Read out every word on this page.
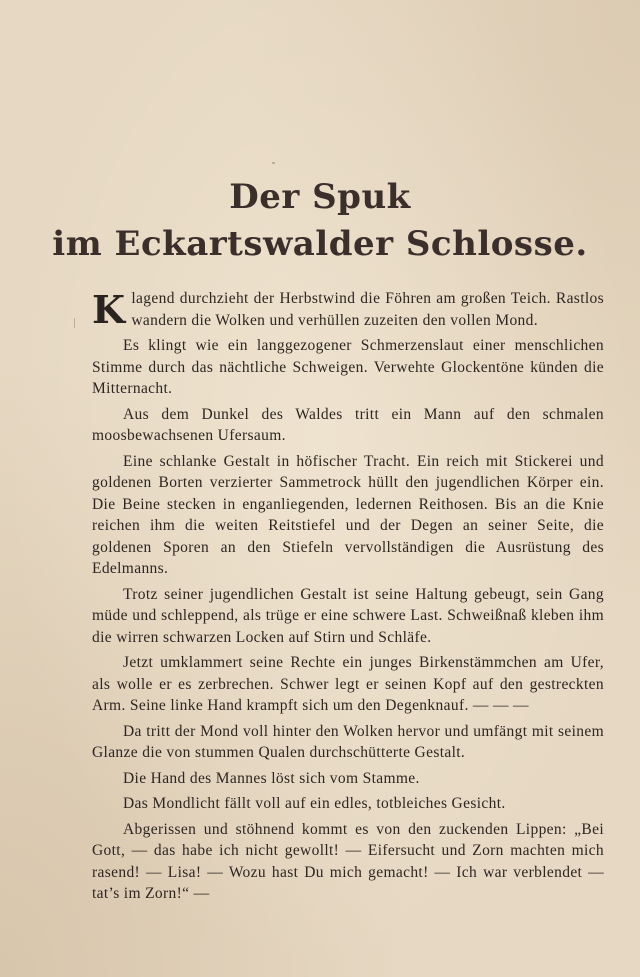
Der Spuk
im Eckartswalder Schlosse.

Klagend durchzieht der Herbstwind die Föhren am großen Teich. Rastlos wandern die Wolken und verhüllen zuzeiten den vollen Mond.

Es klingt wie ein langgezogener Schmerzenslaut einer menschlichen Stimme durch das nächtliche Schweigen. Verwehte Glockentöne künden die Mitternacht.

Aus dem Dunkel des Waldes tritt ein Mann auf den schmalen moosbewachsenen Ufersaum.

Eine schlanke Gestalt in höfischer Tracht. Ein reich mit Stickerei und goldenen Borten verzierter Sammetrock hüllt den jugendlichen Körper ein. Die Beine stecken in enganliegenden, ledernen Reithosen. Bis an die Knie reichen ihm die weiten Reitstiefel und der Degen an seiner Seite, die goldenen Sporen an den Stiefeln vervollständigen die Ausrüstung des Edelmanns.

Trotz seiner jugendlichen Gestalt ist seine Haltung gebeugt, sein Gang müde und schleppend, als trüge er eine schwere Last. Schweißnaß kleben ihm die wirren schwarzen Locken auf Stirn und Schläfe.

Jetzt umklammert seine Rechte ein junges Birkenstämmchen am Ufer, als wolle er es zerbrechen. Schwer legt er seinen Kopf auf den gestreckten Arm. Seine linke Hand krampft sich um den Degenknauf. — — —

Da tritt der Mond voll hinter den Wolken hervor und umfängt mit seinem Glanze die von stummen Qualen durchschütterte Gestalt.

Die Hand des Mannes löst sich vom Stamme.

Das Mondlicht fällt voll auf ein edles, totbleiches Gesicht.

Abgerissen und stöhnend kommt es von den zuckenden Lippen: „Bei Gott, — das habe ich nicht gewollt! — Eifersucht und Zorn machten mich rasend! — Lisa! — Wozu hast Du mich gemacht! — Ich war verblendet — tat’s im Zorn!“ —
